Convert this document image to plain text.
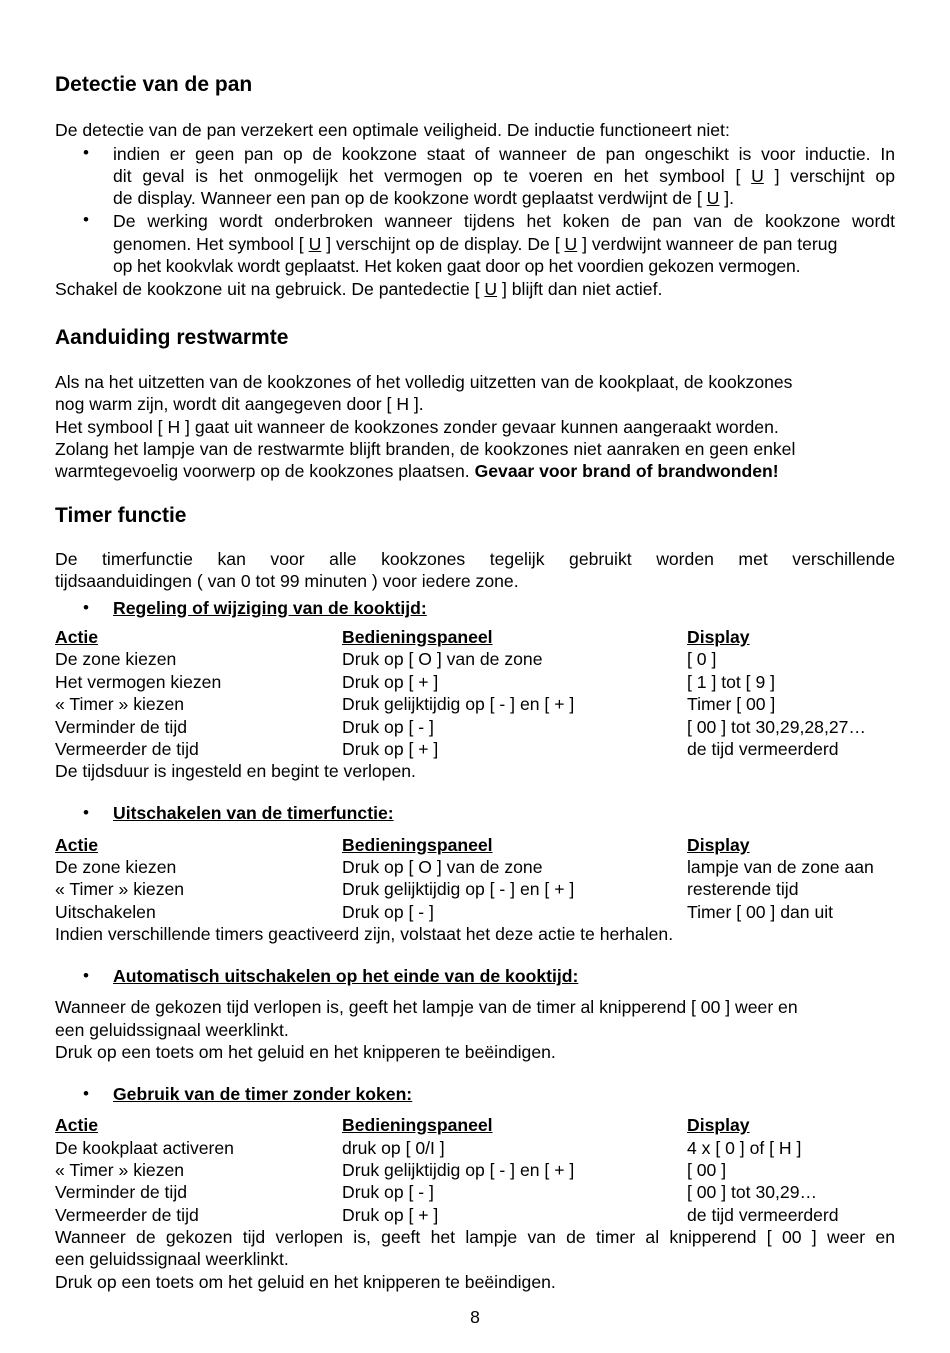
Detectie van de pan
De detectie van de pan verzekert een optimale veiligheid. De inductie functioneert niet:
• indien er geen pan op de kookzone staat of wanneer de pan ongeschikt is voor inductie. In
dit geval is het onmogelijk het vermogen op te voeren en het symbool [ U ] verschijnt op
de display. Wanneer een pan op de kookzone wordt geplaatst verdwijnt de [ U ].
• De werking wordt onderbroken wanneer tijdens het koken de pan van de kookzone wordt
genomen. Het symbool [ U ] verschijnt op de display. De [ U ] verdwijnt wanneer de pan terug
op het kookvlak wordt geplaatst. Het koken gaat door op het voordien gekozen vermogen.
Schakel de kookzone uit na gebruick. De pantedectie [ U ] blijft dan niet actief.
Aanduiding restwarmte
Als na het uitzetten van de kookzones of het volledig uitzetten van de kookplaat, de kookzones
nog warm zijn, wordt dit aangegeven door [ H ].
Het symbool [ H ] gaat uit wanneer de kookzones zonder gevaar kunnen aangeraakt worden.
Zolang het lampje van de restwarmte blijft branden, de kookzones niet aanraken en geen enkel
warmtegevoelig voorwerp op de kookzones plaatsen. Gevaar voor brand of brandwonden!
Timer functie
De timerfunctie kan voor alle kookzones tegelijk gebruikt worden met verschillende
tijdsaanduidingen ( van 0 tot 99 minuten ) voor iedere zone.
• Regeling of wijziging van de kooktijd:
Actie	Bedieningspaneel	Display
De zone kiezen	Druk op [ O ] van de zone	[ 0 ]
Het vermogen kiezen	Druk op [ + ]	[ 1 ] tot [ 9 ]
« Timer » kiezen	Druk gelijktijdig op [ - ] en [ + ]	Timer [ 00 ]
Verminder de tijd	Druk op [ - ]	[ 00 ] tot 30,29,28,27…
Vermeerder de tijd	Druk op [ + ]	de tijd vermeerderd
De tijdsduur is ingesteld en begint te verlopen.
• Uitschakelen van de timerfunctie:
Actie	Bedieningspaneel	Display
De zone kiezen	Druk op [ O ] van de zone	lampje van de zone aan
« Timer » kiezen	Druk gelijktijdig op [ - ] en [ + ]	resterende tijd
Uitschakelen	Druk op [ - ]	Timer [ 00 ] dan uit
Indien verschillende timers geactiveerd zijn, volstaat het deze actie te herhalen.
• Automatisch uitschakelen op het einde van de kooktijd:
Wanneer de gekozen tijd verlopen is, geeft het lampje van de timer al knipperend [ 00 ] weer en
een geluidssignaal weerklinkt.
Druk op een toets om het geluid en het knipperen te beëindigen.
• Gebruik van de timer zonder koken:
Actie	Bedieningspaneel	Display
De kookplaat activeren	druk op [ 0/I ]	4 x [ 0 ] of [ H ]
« Timer » kiezen	Druk gelijktijdig op [ - ] en [ + ]	[ 00 ]
Verminder de tijd	Druk op [ - ]	[ 00 ] tot 30,29…
Vermeerder de tijd	Druk op [ + ]	de tijd vermeerderd
Wanneer de gekozen tijd verlopen is, geeft het lampje van de timer al knipperend [ 00 ] weer en
een geluidssignaal weerklinkt.
Druk op een toets om het geluid en het knipperen te beëindigen.
8
